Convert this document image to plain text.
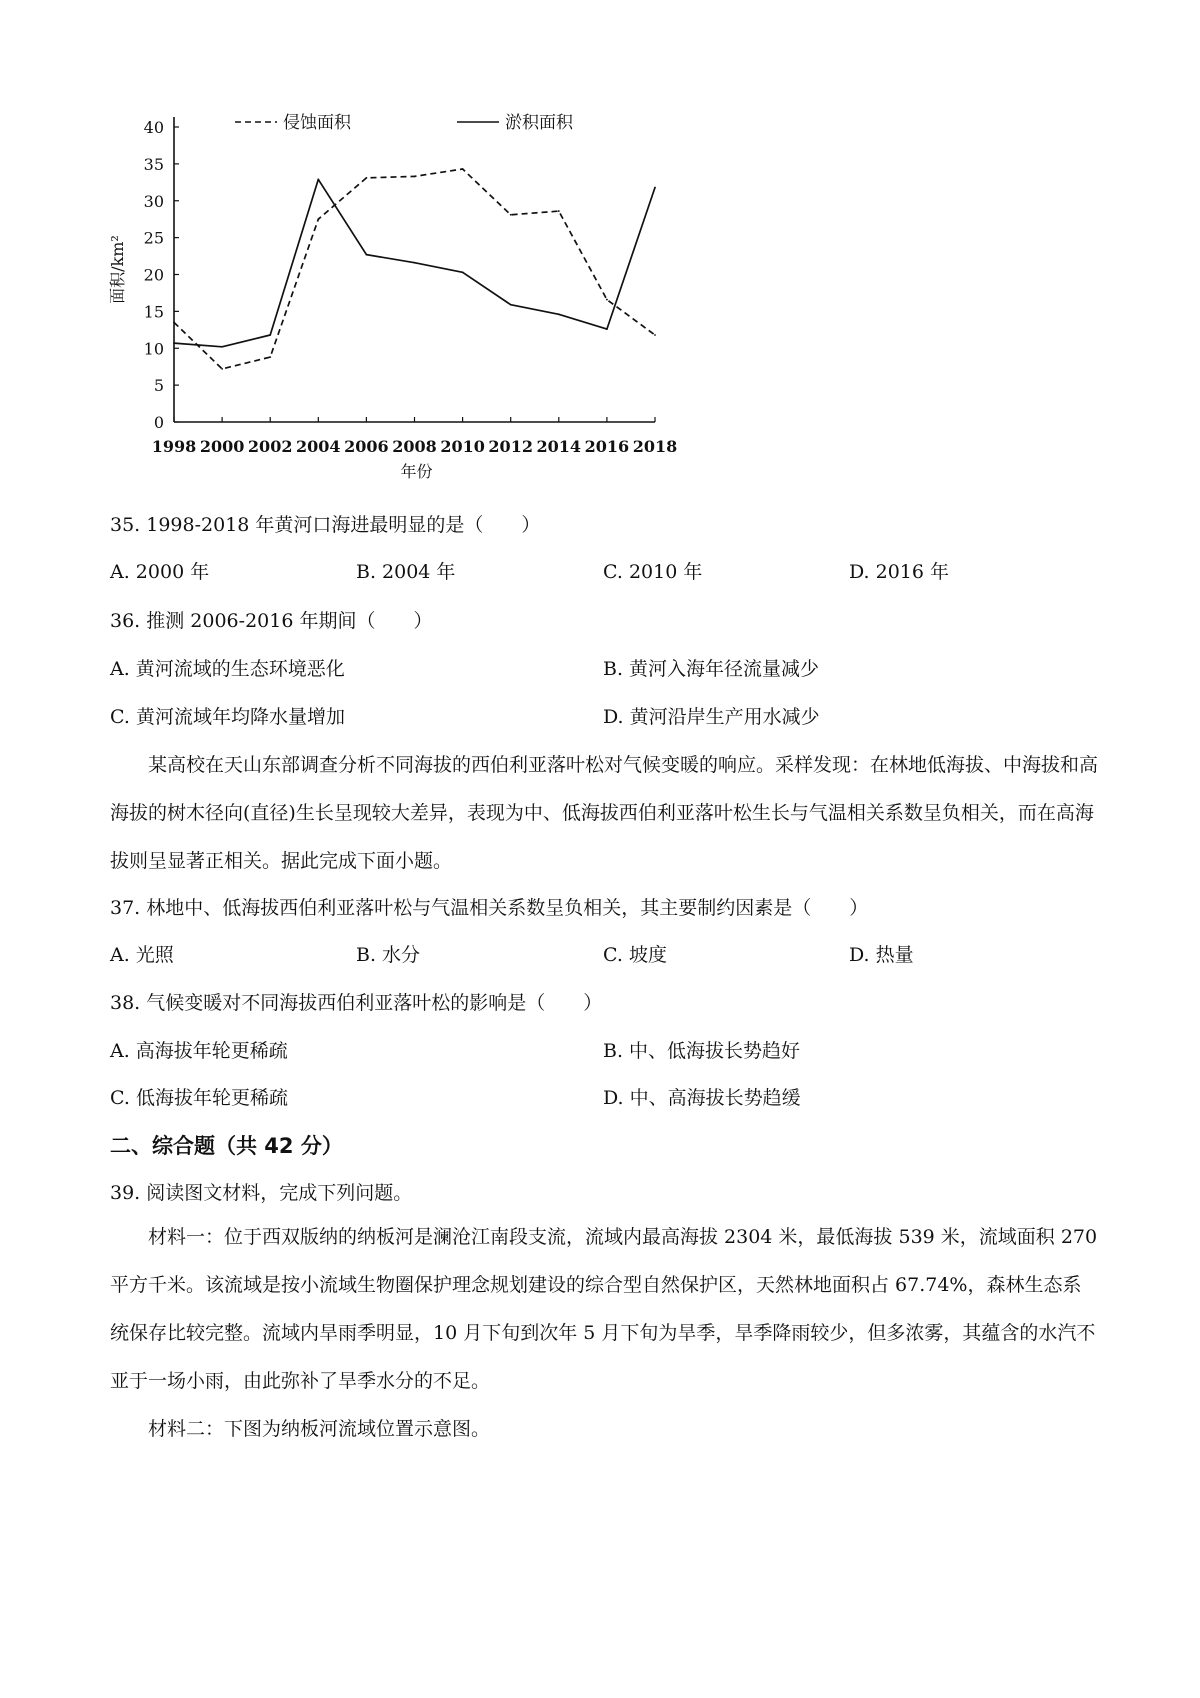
0
5
10
15
20
25
30
35
40
1998 2000 2002 2004 2006 2008 2010 2012 2014 2016 2018
年份
面积/km²
侵蚀面积	淤积面积
35. 1998-2018 年黄河口海进最明显的是（　　）
A. 2000 年	B. 2004 年	C. 2010 年	D. 2016 年
36. 推测 2006-2016 年期间（　　）
A. 黄河流域的生态环境恶化	B. 黄河入海年径流量减少
C. 黄河流域年均降水量增加	D. 黄河沿岸生产用水减少

某高校在天山东部调查分析不同海拔的西伯利亚落叶松对气候变暖的响应。采样发现：在林地低海拔、中海拔和高海拔的树木径向(直径)生长呈现较大差异，表现为中、低海拔西伯利亚落叶松生长与气温相关系数呈负相关，而在高海拔则呈显著正相关。据此完成下面小题。

37. 林地中、低海拔西伯利亚落叶松与气温相关系数呈负相关，其主要制约因素是（　　）
A. 光照	B. 水分	C. 坡度	D. 热量
38. 气候变暖对不同海拔西伯利亚落叶松的影响是（　　）
A. 高海拔年轮更稀疏	B. 中、低海拔长势趋好
C. 低海拔年轮更稀疏	D. 中、高海拔长势趋缓
二、综合题（共 42 分）
39. 阅读图文材料，完成下列问题。

材料一：位于西双版纳的纳板河是澜沧江南段支流，流域内最高海拔 2304 米，最低海拔 539 米，流域面积 270 平方千米。该流域是按小流域生物圈保护理念规划建设的综合型自然保护区，天然林地面积占 67.74%，森林生态系统保存比较完整。流域内旱雨季明显，10 月下旬到次年 5 月下旬为旱季，旱季降雨较少，但多浓雾，其蕴含的水汽不亚于一场小雨，由此弥补了旱季水分的不足。

材料二：下图为纳板河流域位置示意图。
